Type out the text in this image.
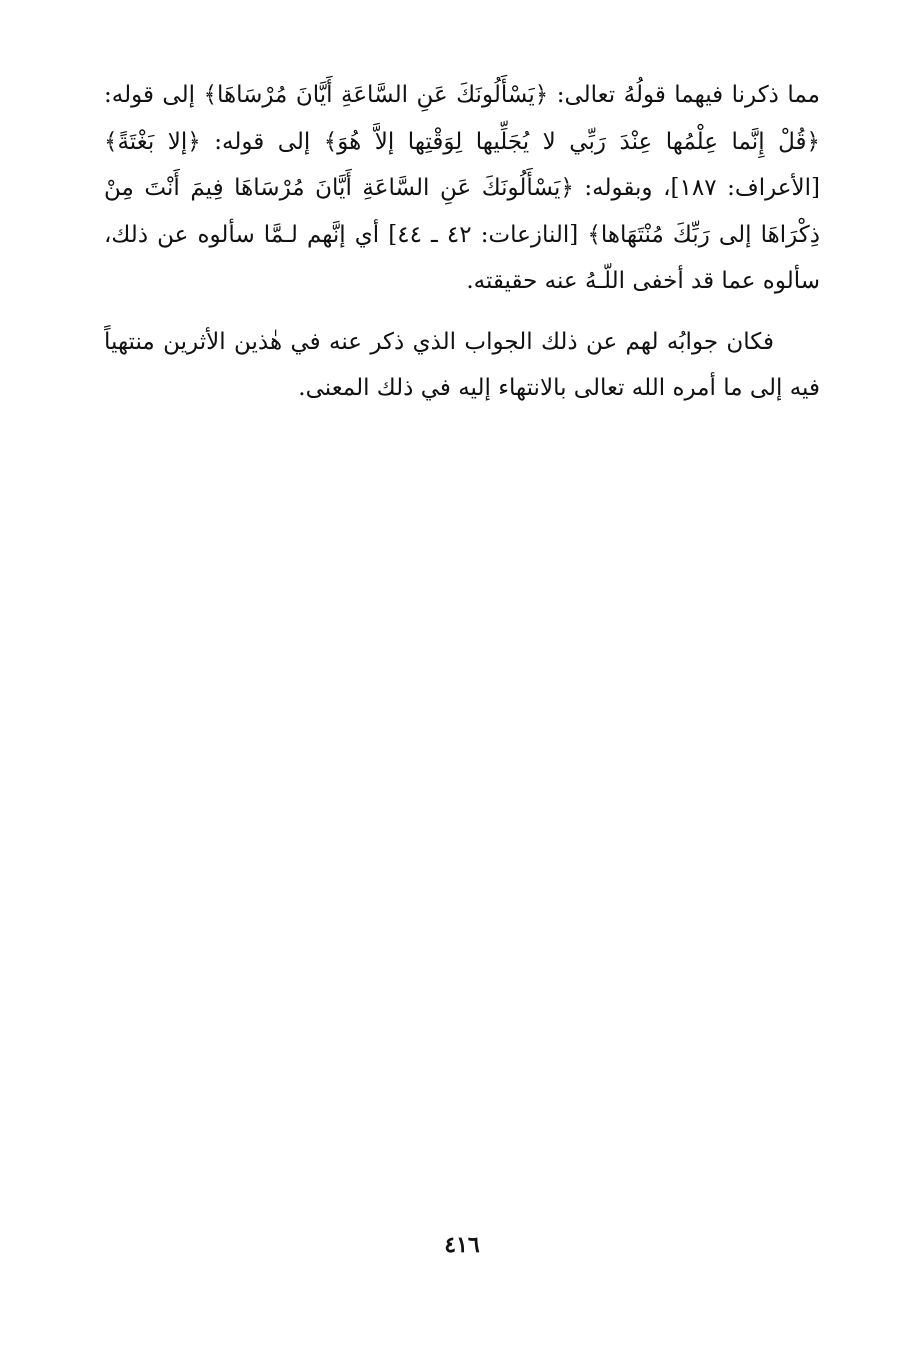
مما ذكرنا فيهما قولُهُ تعالى: ﴿يَسْأَلُونَكَ عَنِ السَّاعَةِ أَيَّانَ مُرْسَاهَا﴾ إلى قوله: ﴿قُلْ إِنَّما عِلْمُها عِنْدَ رَبِّي لا يُجَلِّيها لِوَقْتِها إلاَّ هُوَ﴾ إلى قوله: ﴿إلا بَغْتَةً﴾ [الأعراف: ١٨٧]، وبقوله: ﴿يَسْأَلُونَكَ عَنِ السَّاعَةِ أَيَّانَ مُرْسَاهَا فِيمَ أَنْتَ مِنْ ذِكْرَاهَا إلى رَبِّكَ مُنْتَهَاها﴾ [النازعات: ٤٢ ـ ٤٤] أي إنَّهم لـمَّا سألوه عن ذلك، سألوه عما قد أخفى اللّـهُ عنه حقيقته.

فكان جوابُه لهم عن ذلك الجواب الذي ذكر عنه في هٰذين الأثرين منتهياً فيه إلى ما أمره الله تعالى بالانتهاء إليه في ذلك المعنى.

٤١٦
